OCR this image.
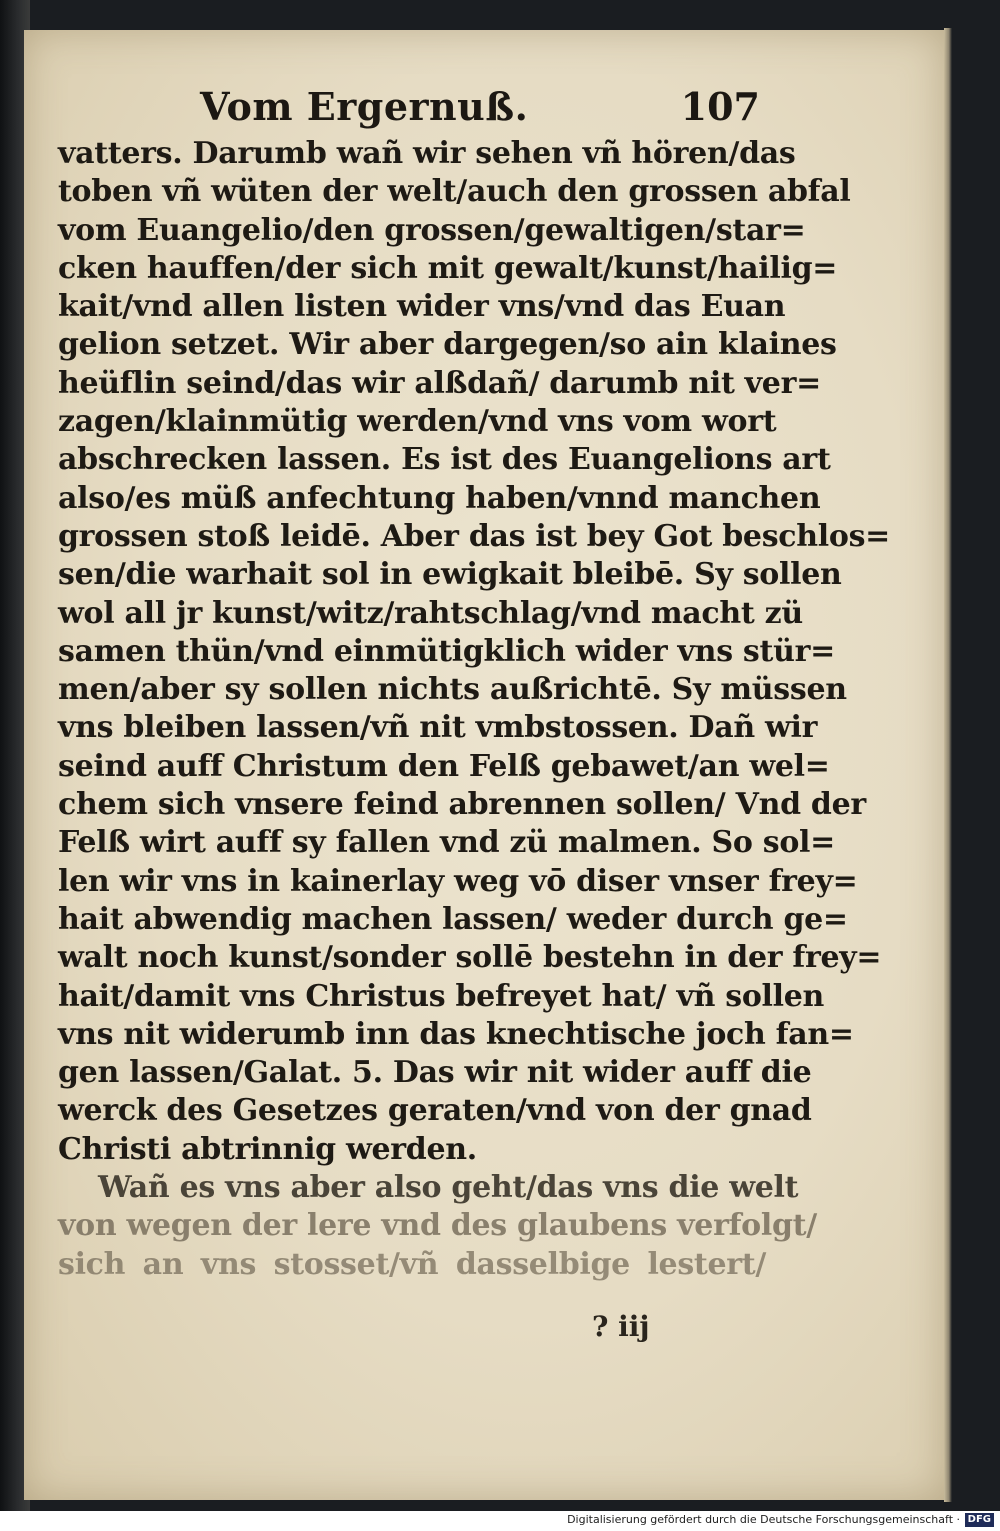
Vom Ergernuß.	107
vatters. Darumb wañ wir sehen vñ hören/das
toben vñ wüten der welt/auch den grossen abfal
vom Euangelio/den grossen/gewaltigen/star=
cken hauffen/der sich mit gewalt/kunst/hailig=
kait/vnd allen listen wider vns/vnd das Euan
gelion setzet. Wir aber dargegen/so ain klaines
heüflin seind/das wir alßdañ/ darumb nit ver=
zagen/klainmütig werden/vnd vns vom wort
abschrecken lassen. Es ist des Euangelions art
also/es müß anfechtung haben/vnnd manchen
grossen stoß leidē. Aber das ist bey Got beschlos=
sen/die warhait sol in ewigkait bleibē. Sy sollen
wol all jr kunst/witz/rahtschlag/vnd macht zü
samen thün/vnd einmütigklich wider vns stür=
men/aber sy sollen nichts außrichtē. Sy müssen
vns bleiben lassen/vñ nit vmbstossen. Dañ wir
seind auff Christum den Felß gebawet/an wel=
chem sich vnsere feind abrennen sollen/ Vnd der
Felß wirt auff sy fallen vnd zü malmen. So sol=
len wir vns in kainerlay weg vō diser vnser frey=
hait abwendig machen lassen/ weder durch ge=
walt noch kunst/sonder sollē bestehn in der frey=
hait/damit vns Christus befreyet hat/ vñ sollen
vns nit widerumb inn das knechtische joch fan=
gen lassen/Galat. 5. Das wir nit wider auff die
werck des Gesetzes geraten/vnd von der gnad
Christi abtrinnig werden.
Wañ es vns aber also geht/das vns die welt
von wegen der lere vnd des glaubens verfolgt/
sich an vns stosset/vñ dasselbige lestert/
? iij
Digitalisierung gefördert durch die Deutsche Forschungsgemeinschaft · DFG
